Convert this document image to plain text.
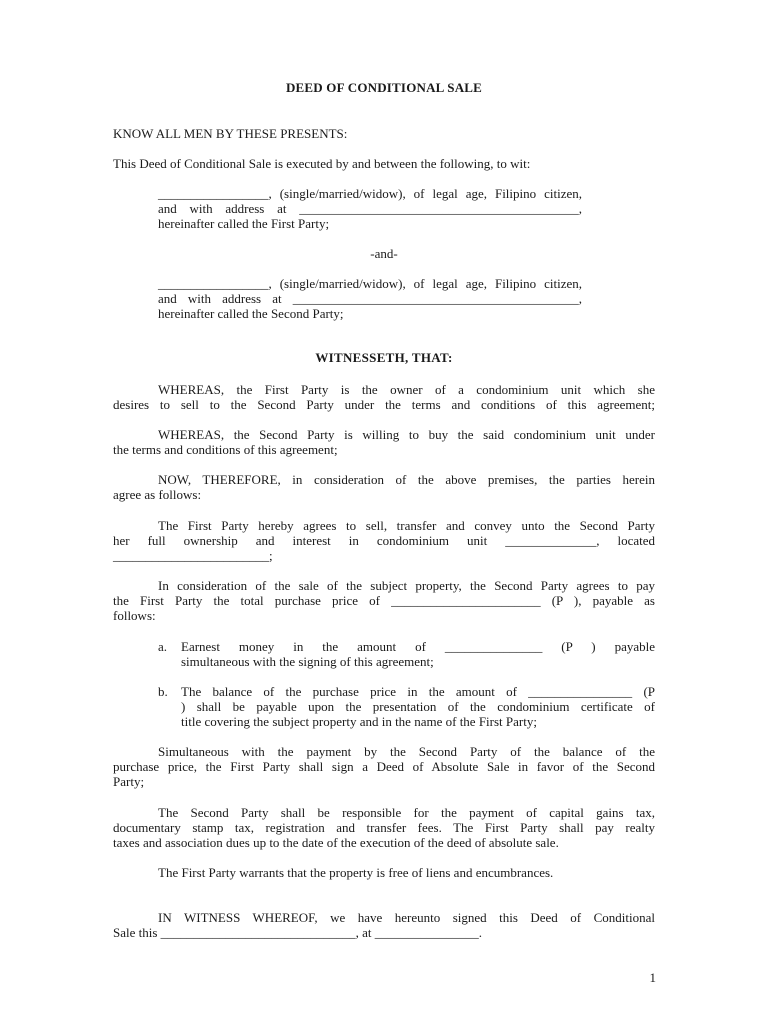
DEED OF CONDITIONAL SALE
KNOW ALL MEN BY THESE PRESENTS:
This Deed of Conditional Sale is executed by and between the following, to wit:
_________________, (single/married/widow), of legal age, Filipino citizen,
and with address at ___________________________________________,
hereinafter called the First Party;
-and-
_________________, (single/married/widow), of legal age, Filipino citizen,
and with address at ____________________________________________,
hereinafter called the Second Party;
WITNESSETH, THAT:
WHEREAS, the First Party is the owner of a condominium unit which she
desires to sell to the Second Party under the terms and conditions of this agreement;
WHEREAS, the Second Party is willing to buy the said condominium unit under
the terms and conditions of this agreement;
NOW, THEREFORE, in consideration of the above premises, the parties herein
agree as follows:
The First Party hereby agrees to sell, transfer and convey unto the Second Party
her full ownership and interest in condominium unit ______________, located
________________________;
In consideration of the sale of the subject property, the Second Party agrees to pay
the First Party the total purchase price of _______________________ (P ), payable as
follows:
a. Earnest money in the amount of _______________ (P ) payable
simultaneous with the signing of this agreement;
b. The balance of the purchase price in the amount of ________________ (P
) shall be payable upon the presentation of the condominium certificate of
title covering the subject property and in the name of the First Party;
Simultaneous with the payment by the Second Party of the balance of the
purchase price, the First Party shall sign a Deed of Absolute Sale in favor of the Second
Party;
The Second Party shall be responsible for the payment of capital gains tax,
documentary stamp tax, registration and transfer fees. The First Party shall pay realty
taxes and association dues up to the date of the execution of the deed of absolute sale.
The First Party warrants that the property is free of liens and encumbrances.
IN WITNESS WHEREOF, we have hereunto signed this Deed of Conditional
Sale this ______________________________, at ________________.
1
